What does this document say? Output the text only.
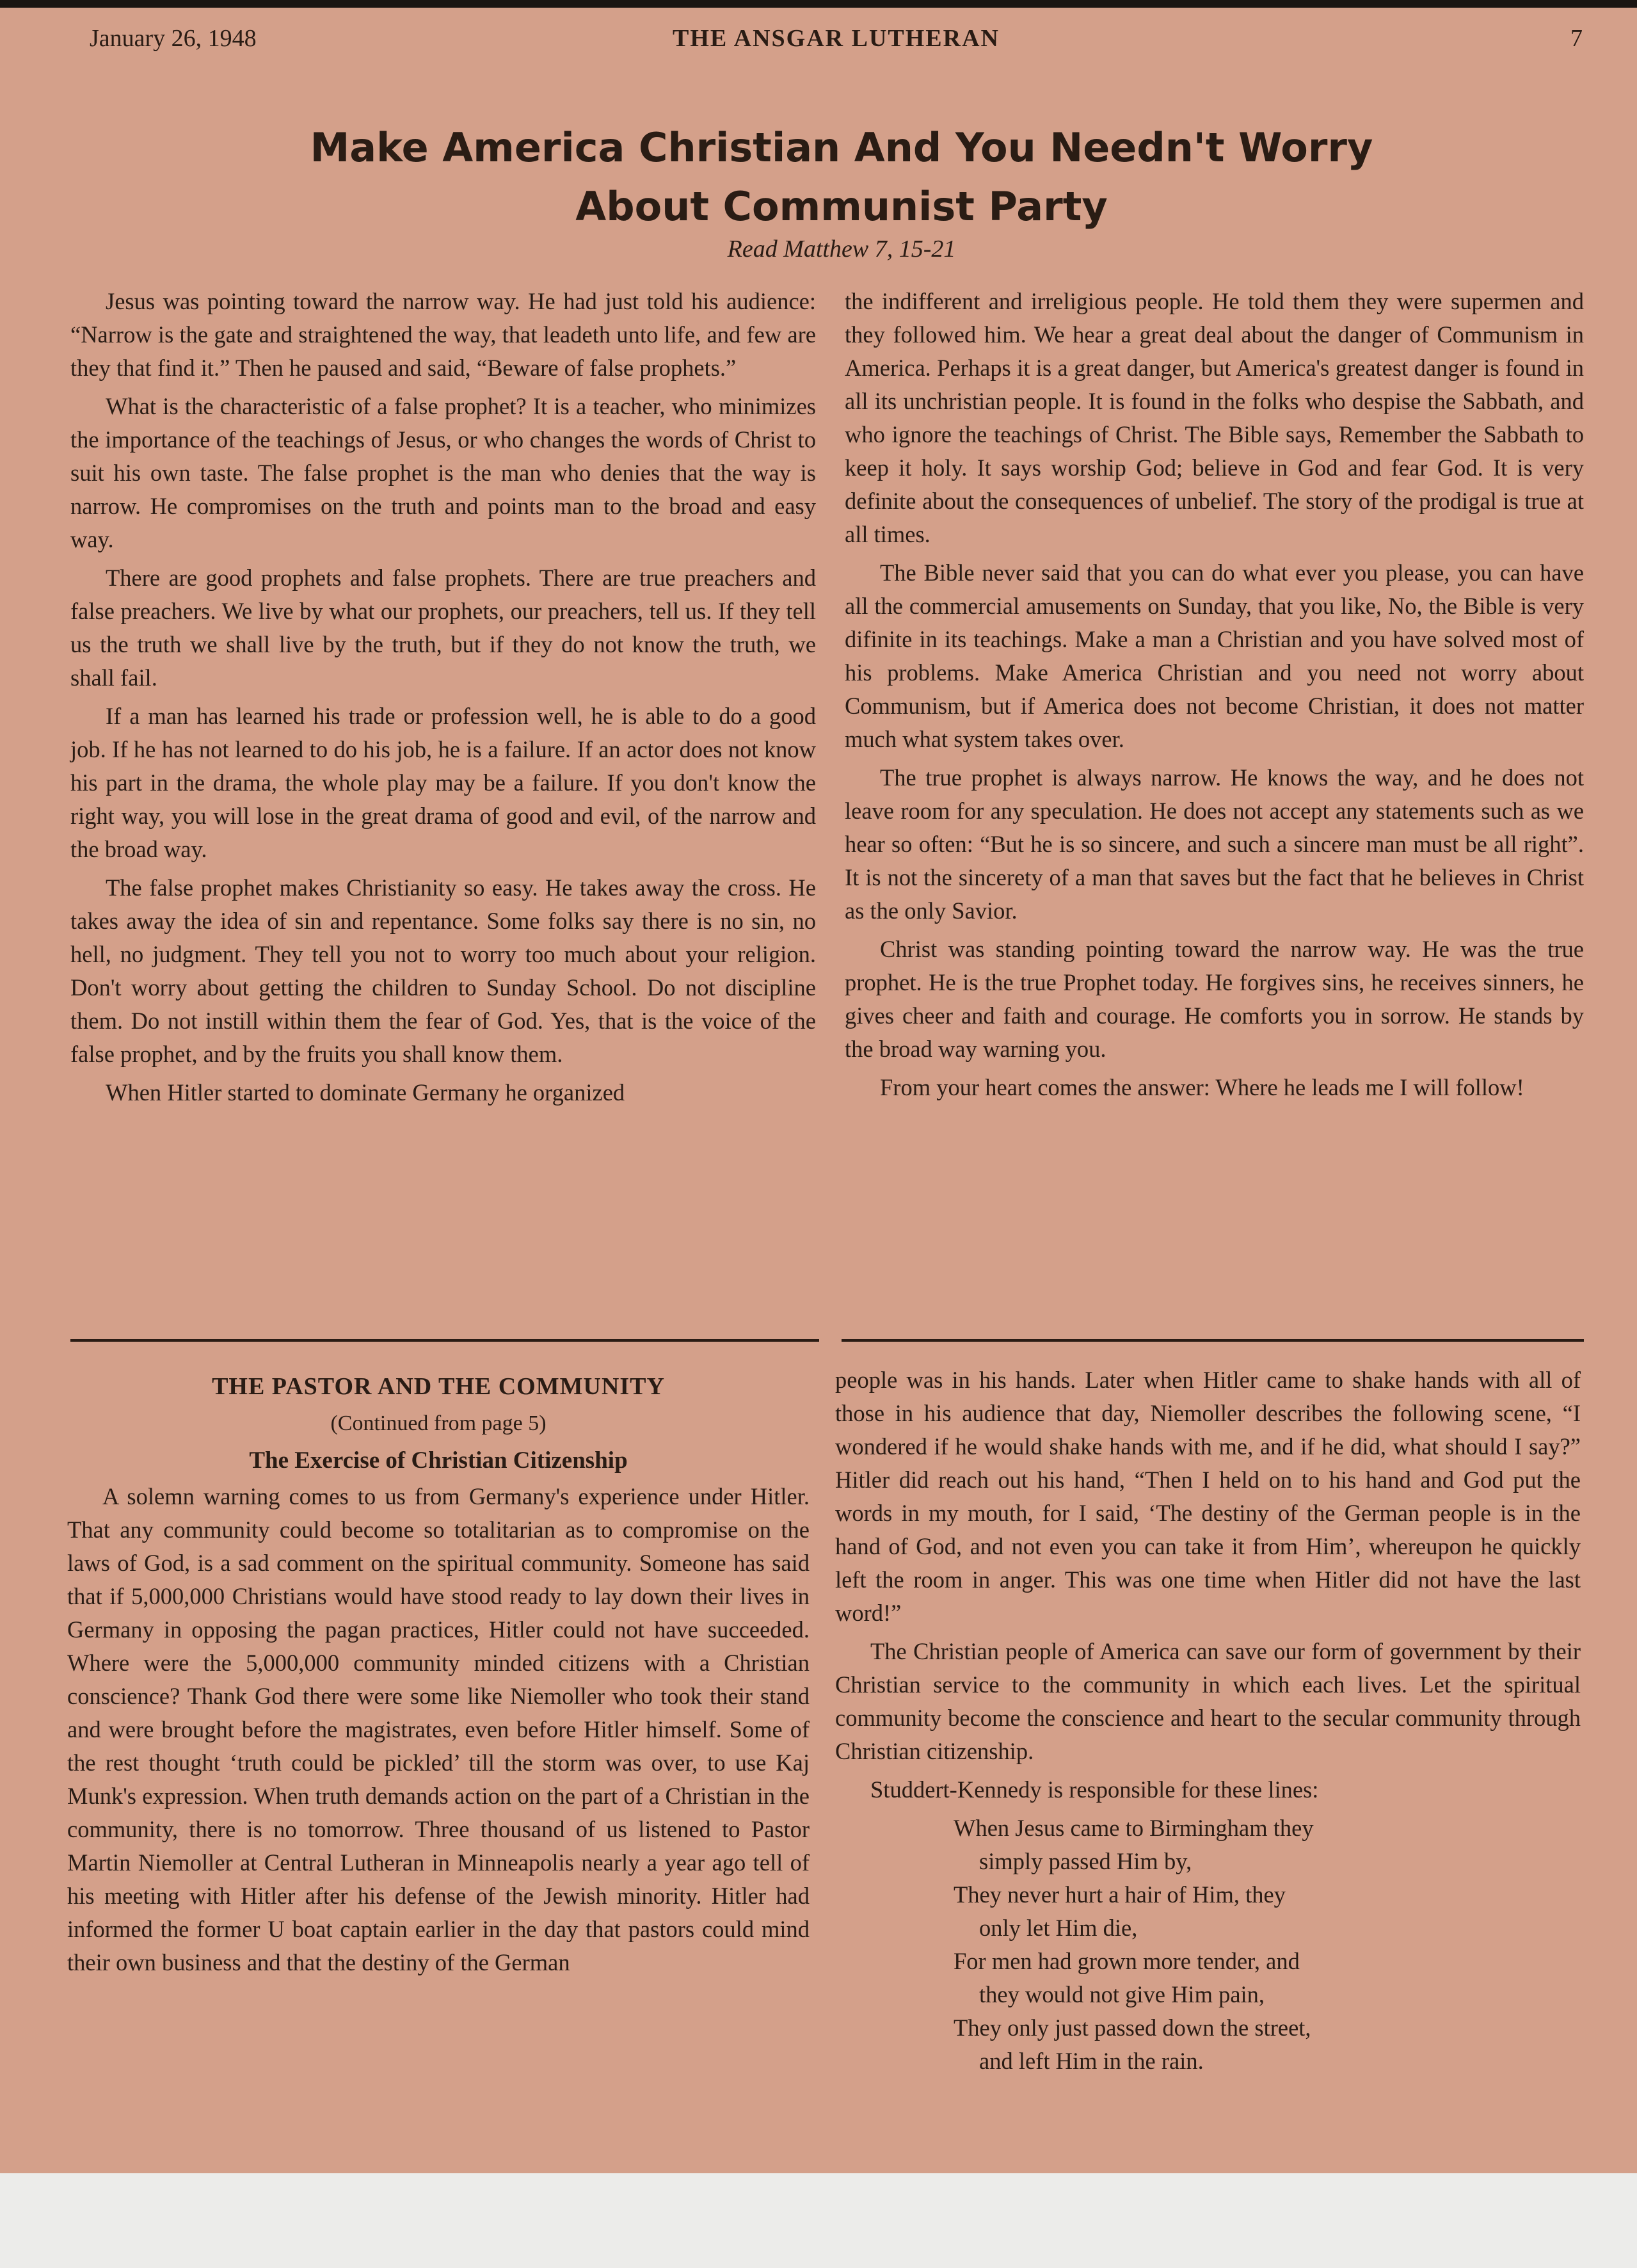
January 26, 1948	THE ANSGAR LUTHERAN	7
Make America Christian And You Needn't Worry
About Communist Party
Read Matthew 7, 15-21

Jesus was pointing toward the narrow way. He had just told his audience: “Narrow is the gate and straightened the way, that leadeth unto life, and few are they that find it.” Then he paused and said, “Beware of false prophets.”

What is the characteristic of a false prophet? It is a teacher, who minimizes the importance of the teachings of Jesus, or who changes the words of Christ to suit his own taste. The false prophet is the man who denies that the way is narrow. He compromises on the truth and points man to the broad and easy way.

There are good prophets and false prophets. There are true preachers and false preachers. We live by what our prophets, our preachers, tell us. If they tell us the truth we shall live by the truth, but if they do not know the truth, we shall fail.

If a man has learned his trade or profession well, he is able to do a good job. If he has not learned to do his job, he is a failure. If an actor does not know his part in the drama, the whole play may be a failure. If you don't know the right way, you will lose in the great drama of good and evil, of the narrow and the broad way.

The false prophet makes Christianity so easy. He takes away the cross. He takes away the idea of sin and repentance. Some folks say there is no sin, no hell, no judgment. They tell you not to worry too much about your religion. Don't worry about getting the children to Sunday School. Do not discipline them. Do not instill within them the fear of God. Yes, that is the voice of the false prophet, and by the fruits you shall know them.

When Hitler started to dominate Germany he organized

the indifferent and irreligious people. He told them they were supermen and they followed him. We hear a great deal about the danger of Communism in America. Perhaps it is a great danger, but America's greatest danger is found in all its unchristian people. It is found in the folks who despise the Sabbath, and who ignore the teachings of Christ. The Bible says, Remember the Sabbath to keep it holy. It says worship God; believe in God and fear God. It is very definite about the consequences of unbelief. The story of the prodigal is true at all times.

The Bible never said that you can do what ever you please, you can have all the commercial amusements on Sunday, that you like, No, the Bible is very difinite in its teachings. Make a man a Christian and you have solved most of his problems. Make America Christian and you need not worry about Communism, but if America does not become Christian, it does not matter much what system takes over.

The true prophet is always narrow. He knows the way, and he does not leave room for any speculation. He does not accept any statements such as we hear so often: “But he is so sincere, and such a sincere man must be all right”. It is not the sincerety of a man that saves but the fact that he believes in Christ as the only Savior.

Christ was standing pointing toward the narrow way. He was the true prophet. He is the true Prophet today. He forgives sins, he receives sinners, he gives cheer and faith and courage. He comforts you in sorrow. He stands by the broad way warning you.

From your heart comes the answer: Where he leads me I will follow!

THE PASTOR AND THE COMMUNITY
(Continued from page 5)
The Exercise of Christian Citizenship

A solemn warning comes to us from Germany's experience under Hitler. That any community could become so totalitarian as to compromise on the laws of God, is a sad comment on the spiritual community. Someone has said that if 5,000,000 Christians would have stood ready to lay down their lives in Germany in opposing the pagan practices, Hitler could not have succeeded. Where were the 5,000,000 community minded citizens with a Christian conscience? Thank God there were some like Niemoller who took their stand and were brought before the magistrates, even before Hitler himself. Some of the rest thought ‘truth could be pickled’ till the storm was over, to use Kaj Munk's expression. When truth demands action on the part of a Christian in the community, there is no tomorrow. Three thousand of us listened to Pastor Martin Niemoller at Central Lutheran in Minneapolis nearly a year ago tell of his meeting with Hitler after his defense of the Jewish minority. Hitler had informed the former U boat captain earlier in the day that pastors could mind their own business and that the destiny of the German

people was in his hands. Later when Hitler came to shake hands with all of those in his audience that day, Niemoller describes the following scene, “I wondered if he would shake hands with me, and if he did, what should I say?” Hitler did reach out his hand, “Then I held on to his hand and God put the words in my mouth, for I said, ‘The destiny of the German people is in the hand of God, and not even you can take it from Him’, whereupon he quickly left the room in anger. This was one time when Hitler did not have the last word!”

The Christian people of America can save our form of government by their Christian service to the community in which each lives. Let the spiritual community become the conscience and heart to the secular community through Christian citizenship.

Studdert-Kennedy is responsible for these lines:

When Jesus came to Birmingham they
simply passed Him by,
They never hurt a hair of Him, they
only let Him die,
For men had grown more tender, and
they would not give Him pain,
They only just passed down the street,
and left Him in the rain.
